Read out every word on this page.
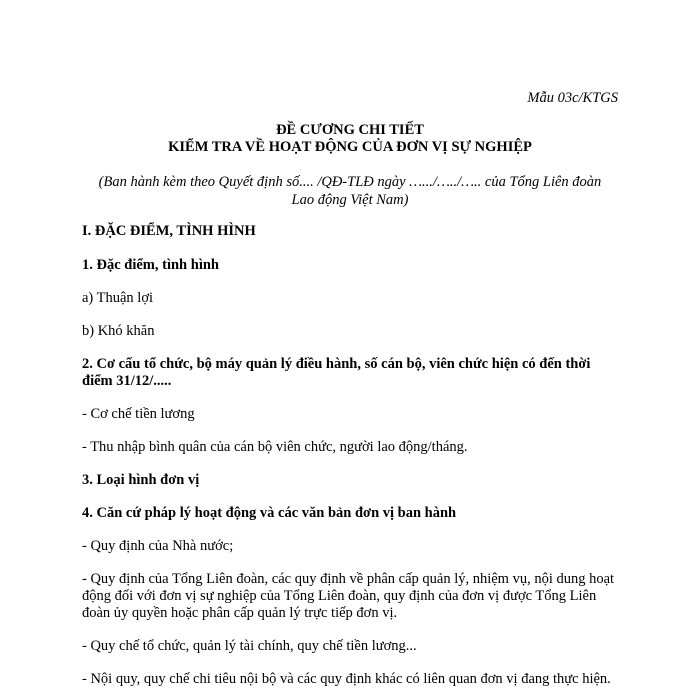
Mẫu 03c/KTGS
ĐỀ CƯƠNG CHI TIẾT
KIỂM TRA VỀ HOẠT ĐỘNG CỦA ĐƠN VỊ SỰ NGHIỆP
(Ban hành kèm theo Quyết định số.... /QĐ-TLĐ ngày ….../…../….. của Tổng Liên đoàn
Lao động Việt Nam)

I. ĐẶC ĐIỂM, TÌNH HÌNH

1. Đặc điểm, tình hình

a) Thuận lợi

b) Khó khăn

2. Cơ cấu tổ chức, bộ máy quản lý điều hành, số cán bộ, viên chức hiện có đến thời điểm 31/12/.....

- Cơ chế tiền lương

- Thu nhập bình quân của cán bộ viên chức, người lao động/tháng.

3. Loại hình đơn vị

4. Căn cứ pháp lý hoạt động và các văn bản đơn vị ban hành

- Quy định của Nhà nước;

- Quy định của Tổng Liên đoàn, các quy định về phân cấp quản lý, nhiệm vụ, nội dung hoạt động đối với đơn vị sự nghiệp của Tổng Liên đoàn, quy định của đơn vị được Tổng Liên đoàn ủy quyền hoặc phân cấp quản lý trực tiếp đơn vị.

- Quy chế tổ chức, quản lý tài chính, quy chế tiền lương...

- Nội quy, quy chế chi tiêu nội bộ và các quy định khác có liên quan đơn vị đang thực hiện.
